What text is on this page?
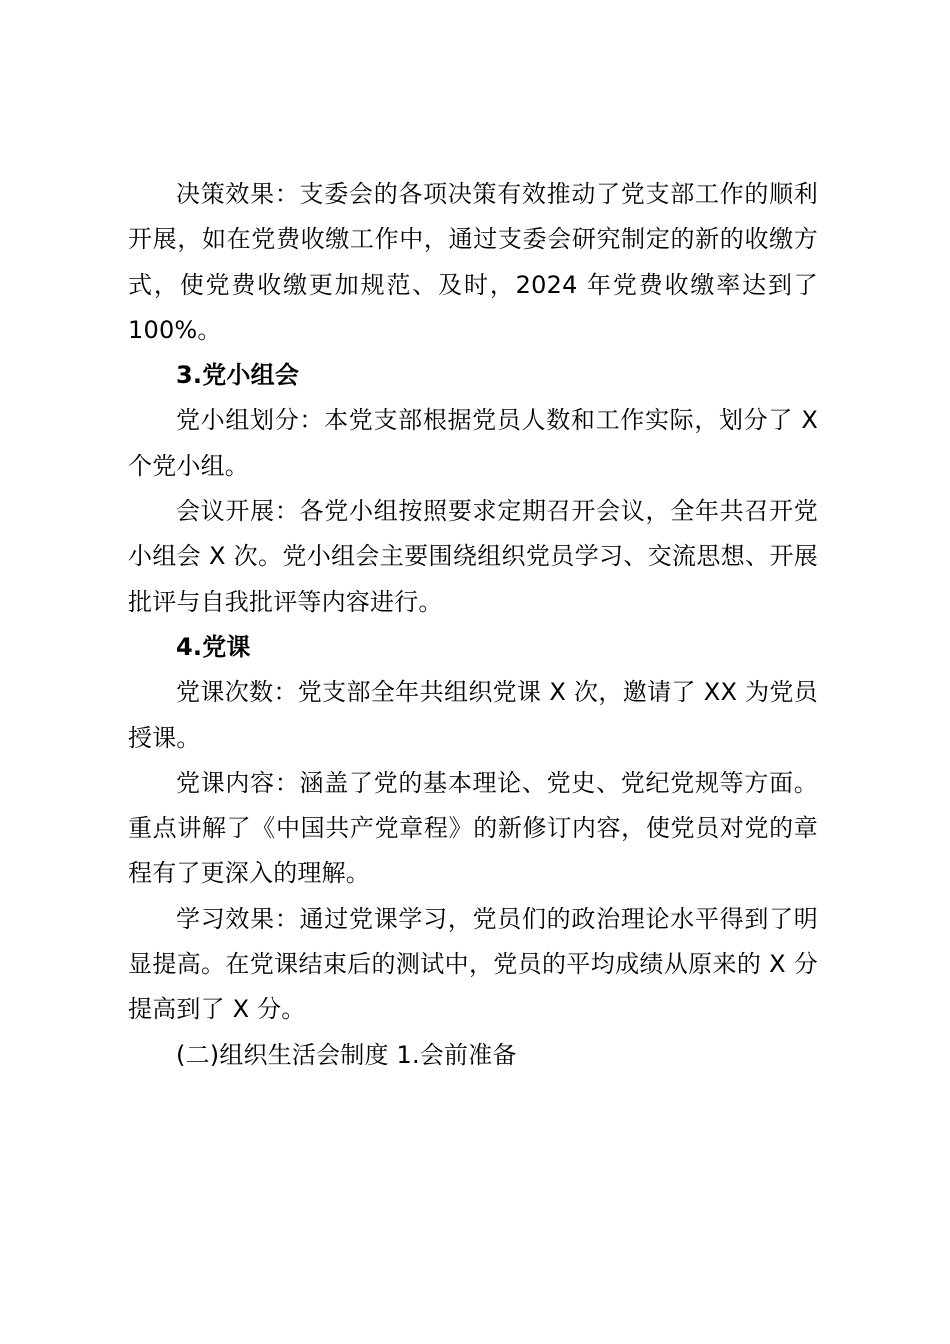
决策效果：支委会的各项决策有效推动了党支部工作的顺利开展，如在党费收缴工作中，通过支委会研究制定的新的收缴方式，使党费收缴更加规范、及时，2024 年党费收缴率达到了 100%。

3.党小组会

党小组划分：本党支部根据党员人数和工作实际，划分了 X 个党小组。

会议开展：各党小组按照要求定期召开会议，全年共召开党小组会 X 次。党小组会主要围绕组织党员学习、交流思想、开展批评与自我批评等内容进行。

4.党课

党课次数：党支部全年共组织党课 X 次，邀请了 XX 为党员授课。

党课内容：涵盖了党的基本理论、党史、党纪党规等方面。重点讲解了《中国共产党章程》的新修订内容，使党员对党的章程有了更深入的理解。

学习效果：通过党课学习，党员们的政治理论水平得到了明显提高。在党课结束后的测试中，党员的平均成绩从原来的 X 分提高到了 X 分。

(二)组织生活会制度 1.会前准备
